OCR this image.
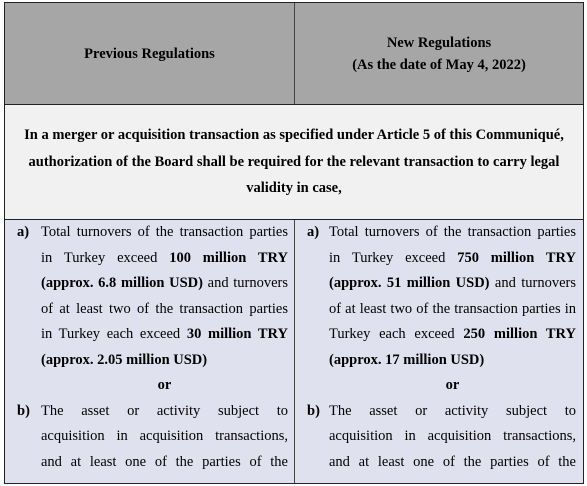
Previous Regulations
New Regulations
(As the date of May 4, 2022)

In a merger or acquisition transaction as specified under Article 5 of this Communiqué,
authorization of the Board shall be required for the relevant transaction to carry legal
validity in case,

a) Total turnovers of the transaction parties
in Turkey exceed 100 million TRY
(approx. 6.8 million USD) and turnovers
of at least two of the transaction parties
in Turkey each exceed 30 million TRY
(approx. 2.05 million USD)
or
b) The asset or activity subject to
acquisition in acquisition transactions,
and at least one of the parties of the
a) Total turnovers of the transaction parties
in Turkey exceed 750 million TRY
(approx. 51 million USD) and turnovers
of at least two of the transaction parties in
Turkey each exceed 250 million TRY
(approx. 17 million USD)
or
b) The asset or activity subject to
acquisition in acquisition transactions,
and at least one of the parties of the
